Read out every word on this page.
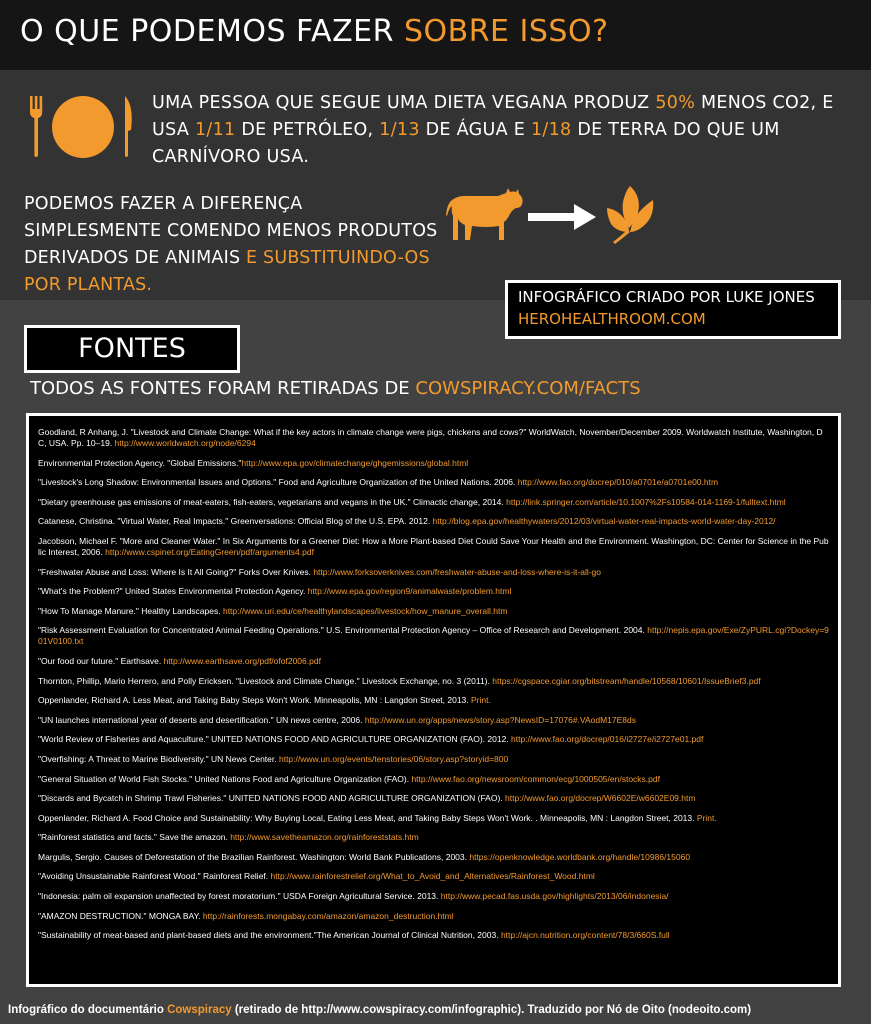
O QUE PODEMOS FAZER SOBRE ISSO?
UMA PESSOA QUE SEGUE UMA DIETA VEGANA PRODUZ 50% MENOS CO2, E USA 1/11 DE PETRÓLEO, 1/13 DE ÁGUA E 1/18 DE TERRA DO QUE UM CARNÍVORO USA.
PODEMOS FAZER A DIFERENÇA SIMPLESMENTE COMENDO MENOS PRODUTOS DERIVADOS DE ANIMAIS E SUBSTITUINDO-OS POR PLANTAS.
INFOGRÁFICO CRIADO POR LUKE JONES
HEROHEALTHROOM.COM
FONTES
TODOS AS FONTES FORAM RETIRADAS DE COWSPIRACY.COM/FACTS
Goodland, R Anhang, J. "Livestock and Climate Change: What if the key actors in climate change were pigs, chickens and cows?" WorldWatch, November/December 2009. Worldwatch Institute, Washington, DC, USA. Pp. 10–19. http://www.worldwatch.org/node/6294
Environmental Protection Agency. "Global Emissions."http://www.epa.gov/climatechange/ghgemissions/global.html
"Livestock's Long Shadow: Environmental Issues and Options." Food and Agriculture Organization of the United Nations. 2006. http://www.fao.org/docrep/010/a0701e/a0701e00.htm
"Dietary greenhouse gas emissions of meat-eaters, fish-eaters, vegetarians and vegans in the UK." Climactic change, 2014. http://link.springer.com/article/10.1007%2Fs10584-014-1169-1/fulltext.html
Catanese, Christina. "Virtual Water, Real Impacts." Greenversations: Official Blog of the U.S. EPA. 2012. http://blog.epa.gov/healthywaters/2012/03/virtual-water-real-impacts-world-water-day-2012/
Jacobson, Michael F. "More and Cleaner Water." In Six Arguments for a Greener Diet: How a More Plant-based Diet Could Save Your Health and the Environment. Washington, DC: Center for Science in the Public Interest, 2006. http://www.cspinet.org/EatingGreen/pdf/arguments4.pdf
"Freshwater Abuse and Loss: Where Is It All Going?" Forks Over Knives. http://www.forksoverknives.com/freshwater-abuse-and-loss-where-is-it-all-go
"What's the Problem?" United States Environmental Protection Agency. http://www.epa.gov/region9/animalwaste/problem.html
"How To Manage Manure." Healthy Landscapes. http://www.uri.edu/ce/healthylandscapes/livestock/how_manure_overall.htm
"Risk Assessment Evaluation for Concentrated Animal Feeding Operations." U.S. Environmental Protection Agency – Office of Research and Development. 2004. http://nepis.epa.gov/Exe/ZyPURL.cgi?Dockey=901V0100.txt
"Our food our future." Earthsave. http://www.earthsave.org/pdf/ofof2006.pdf
Thornton, Phillip, Mario Herrero, and Polly Ericksen. "Livestock and Climate Change." Livestock Exchange, no. 3 (2011). https://cgspace.cgiar.org/bitstream/handle/10568/10601/IssueBrief3.pdf
Oppenlander, Richard A. Less Meat, and Taking Baby Steps Won't Work. Minneapolis, MN : Langdon Street, 2013. Print.
"UN launches international year of deserts and desertification." UN news centre, 2006. http://www.un.org/apps/news/story.asp?NewsID=17076#.VAodM17E8ds
"World Review of Fisheries and Aquaculture." UNITED NATIONS FOOD AND AGRICULTURE ORGANIZATION (FAO). 2012. http://www.fao.org/docrep/016/i2727e/i2727e01.pdf
"Overfishing: A Threat to Marine Biodiversity." UN News Center. http://www.un.org/events/tenstories/06/story.asp?storyid=800
"General Situation of World Fish Stocks." United Nations Food and Agriculture Organization (FAO). http://www.fao.org/newsroom/common/ecg/1000505/en/stocks.pdf
"Discards and Bycatch in Shrimp Trawl Fisheries." UNITED NATIONS FOOD AND AGRICULTURE ORGANIZATION (FAO). http://www.fao.org/docrep/W6602E/w6602E09.htm
Oppenlander, Richard A. Food Choice and Sustainability: Why Buying Local, Eating Less Meat, and Taking Baby Steps Won't Work. . Minneapolis, MN : Langdon Street, 2013. Print.
"Rainforest statistics and facts." Save the amazon. http://www.savetheamazon.org/rainforeststats.htm
Margulis, Sergio. Causes of Deforestation of the Brazilian Rainforest. Washington: World Bank Publications, 2003. https://openknowledge.worldbank.org/handle/10986/15060
"Avoiding Unsustainable Rainforest Wood." Rainforest Relief. http://www.rainforestrelief.org/What_to_Avoid_and_Alternatives/Rainforest_Wood.html
"Indonesia: palm oil expansion unaffected by forest moratorium." USDA Foreign Agricultural Service. 2013. http://www.pecad.fas.usda.gov/highlights/2013/06/indonesia/
"AMAZON DESTRUCTION." MONGA BAY. http://rainforests.mongabay.com/amazon/amazon_destruction.html
"Sustainability of meat-based and plant-based diets and the environment."The American Journal of Clinical Nutrition, 2003. http://ajcn.nutrition.org/content/78/3/660S.full
Infográfico do documentário Cowspiracy (retirado de http://www.cowspiracy.com/infographic). Traduzido por Nó de Oito (nodeoito.com)
